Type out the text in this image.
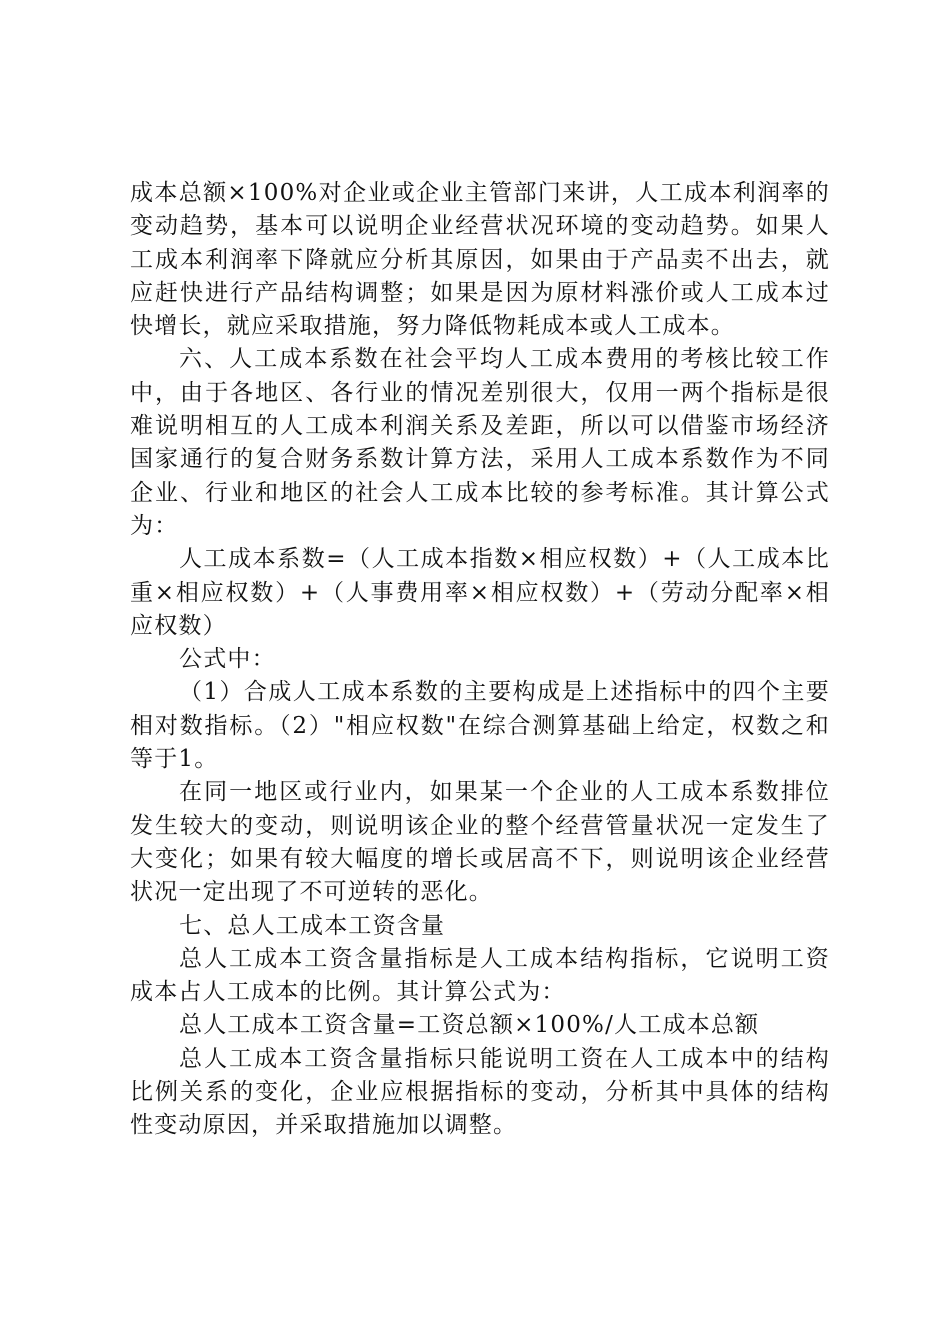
成本总额×100%对企业或企业主管部门来讲，人工成本利润率的变动趋势，基本可以说明企业经营状况环境的变动趋势。如果人工成本利润率下降就应分析其原因，如果由于产品卖不出去，就应赶快进行产品结构调整；如果是因为原材料涨价或人工成本过快增长，就应采取措施，努力降低物耗成本或人工成本。

六、人工成本系数在社会平均人工成本费用的考核比较工作中，由于各地区、各行业的情况差别很大，仅用一两个指标是很难说明相互的人工成本利润关系及差距，所以可以借鉴市场经济国家通行的复合财务系数计算方法，采用人工成本系数作为不同企业、行业和地区的社会人工成本比较的参考标准。其计算公式为：

人工成本系数=（人工成本指数×相应权数）+（人工成本比重×相应权数）+（人事费用率×相应权数）+（劳动分配率×相应权数）

公式中：

（1）合成人工成本系数的主要构成是上述指标中的四个主要相对数指标。（2）"相应权数"在综合测算基础上给定，权数之和等于1。

在同一地区或行业内，如果某一个企业的人工成本系数排位发生较大的变动，则说明该企业的整个经营管量状况一定发生了大变化；如果有较大幅度的增长或居高不下，则说明该企业经营状况一定出现了不可逆转的恶化。

七、总人工成本工资含量

总人工成本工资含量指标是人工成本结构指标，它说明工资成本占人工成本的比例。其计算公式为：

总人工成本工资含量=工资总额×100%/人工成本总额

总人工成本工资含量指标只能说明工资在人工成本中的结构比例关系的变化，企业应根据指标的变动，分析其中具体的结构性变动原因，并采取措施加以调整。
